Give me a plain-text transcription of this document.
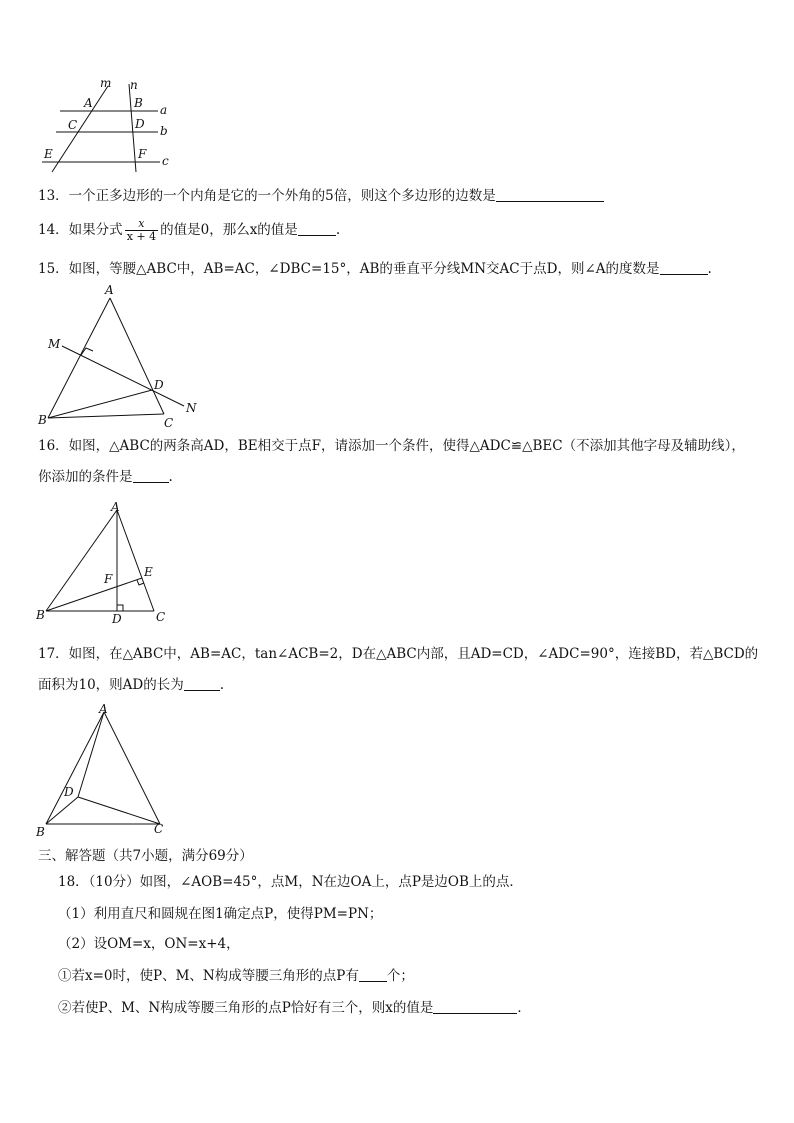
m n
a
b
c
A	B
C	D
E	F
13．一个正多边形的一个内角是它的一个外角的5倍，则这个多边形的边数是
14．如果分式 $\frac{x}{x + 4}$ 的值是0，那么x的值是	.
15．如图，等腰△ABC中，AB=AC，∠DBC=15°，AB的垂直平分线MN交AC于点D，则∠A的度数是	.
A
M
D
N
B	C
16．如图，△ABC的两条高AD，BE相交于点F，请添加一个条件，使得△ADC≌△BEC（不添加其他字母及辅助线），
你添加的条件是	.
A
F	E
B	D	C
17．如图，在△ABC中，AB=AC，tan∠ACB=2，D在△ABC内部，且AD=CD，∠ADC=90°，连接BD，若△BCD的
面积为10，则AD的长为	.
A
D
B	C
三、解答题（共7小题，满分69分）
18．（10分）如图，∠AOB=45°，点M，N在边OA上，点P是边OB上的点．
（1）利用直尺和圆规在图1确定点P，使得PM=PN；
（2）设OM=x，ON=x+4，
①若x=0时，使P、M、N构成等腰三角形的点P有 个；
②若使P、M、N构成等腰三角形的点P恰好有三个，则x的值是	．
